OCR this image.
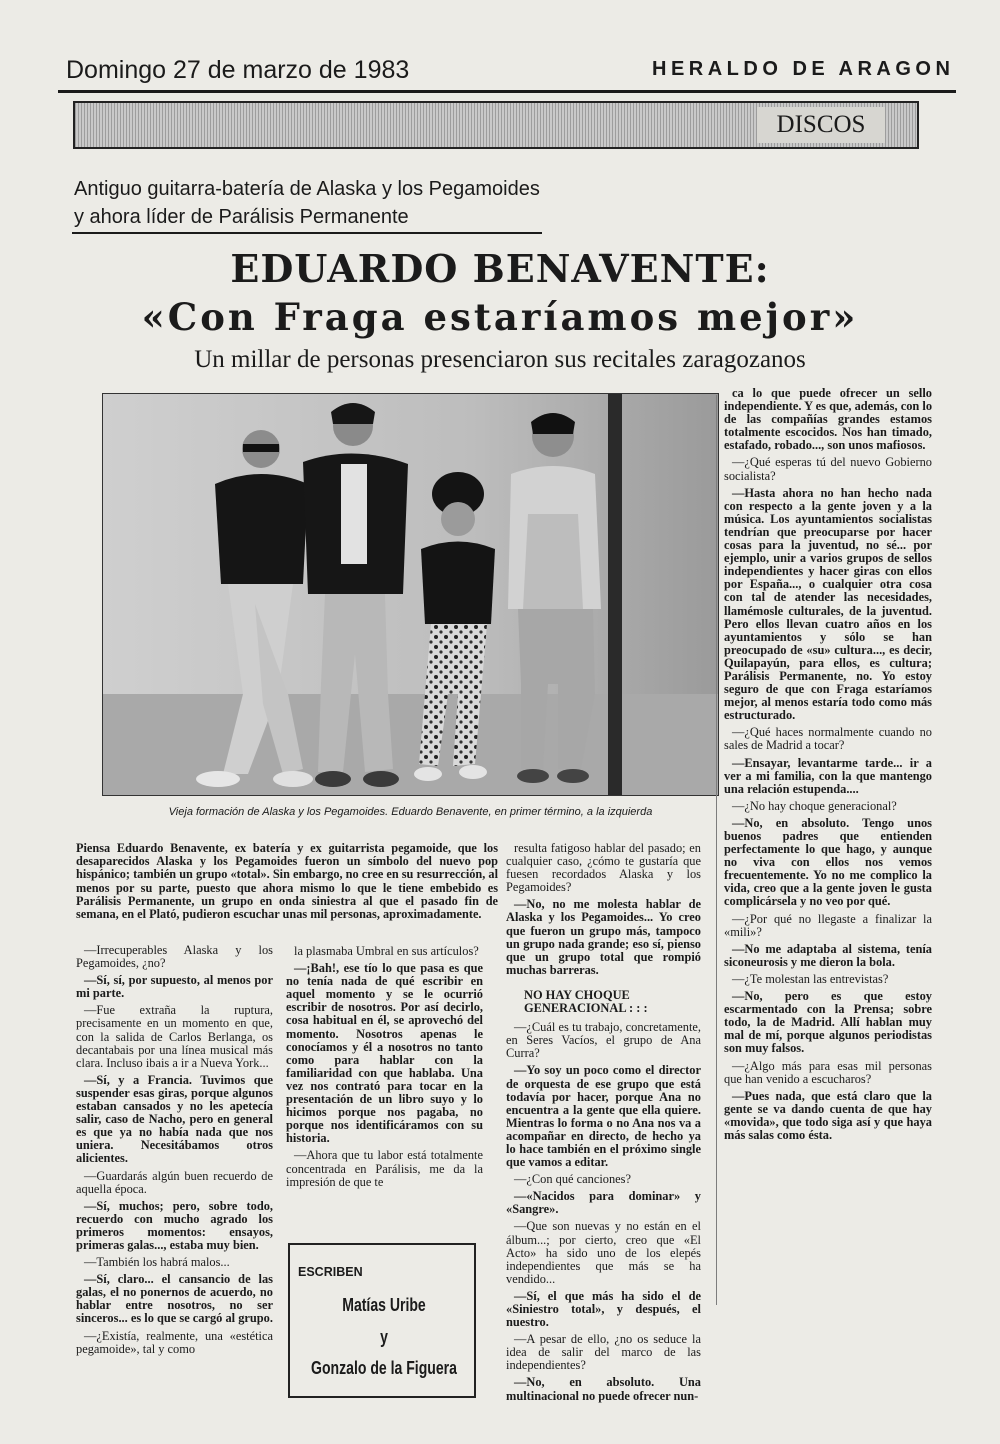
Domingo 27 de marzo de 1983	HERALDO DE ARAGON
DISCOS
Antiguo guitarra-batería de Alaska y los Pegamoides
y ahora líder de Parálisis Permanente
EDUARDO BENAVENTE:
«Con Fraga estaríamos mejor»
Un millar de personas presenciaron sus recitales zaragozanos
Vieja formación de Alaska y los Pegamoides. Eduardo Benavente, en primer término, a la izquierda
Piensa Eduardo Benavente, ex batería y ex guitarrista pegamoide, que los desaparecidos Alaska y los Pegamoides fueron un símbolo del nuevo pop hispánico; también un grupo «total». Sin embargo, no cree en su resurrección, al menos por su parte, puesto que ahora mismo lo que le tiene embebido es Parálisis Permanente, un grupo en onda siniestra al que el pasado fin de semana, en el Plató, pudieron escuchar unas mil personas, aproximadamente.

—Irrecuperables Alaska y los Pegamoides, ¿no?

—Sí, sí, por supuesto, al menos por mi parte.

—Fue extraña la ruptura, precisamente en un momento en que, con la salida de Carlos Berlanga, os decantabais por una línea musical más clara. Incluso ibais a ir a Nueva York...

—Sí, y a Francia. Tuvimos que suspender esas giras, porque algunos estaban cansados y no les apetecía salir, caso de Nacho, pero en general es que ya no había nada que nos uniera. Necesitábamos otros alicientes.

—Guardarás algún buen recuerdo de aquella época.

—Sí, muchos; pero, sobre todo, recuerdo con mucho agrado los primeros momentos: ensayos, primeras galas..., estaba muy bien.

—También los habrá malos...

—Sí, claro... el cansancio de las galas, el no ponernos de acuerdo, no hablar entre nosotros, no ser sinceros... es lo que se cargó al grupo.

—¿Existía, realmente, una «estética pegamoide», tal y como

la plasmaba Umbral en sus artículos?

—¡Bah!, ese tío lo que pasa es que no tenía nada de qué escribir en aquel momento y se le ocurrió escribir de nosotros. Por así decirlo, cosa habitual en él, se aprovechó del momento. Nosotros apenas le conocíamos y él a nosotros no tanto como para hablar con la familiaridad con que hablaba. Una vez nos contrató para tocar en la presentación de un libro suyo y lo hicimos porque nos pagaba, no porque nos identificáramos con su historia.

—Ahora que tu labor está totalmente concentrada en Parálisis, me da la impresión de que te

resulta fatigoso hablar del pasado; en cualquier caso, ¿cómo te gustaría que fuesen recordados Alaska y los Pegamoides?

—No, no me molesta hablar de Alaska y los Pegamoides... Yo creo que fueron un grupo más, tampoco un grupo nada grande; eso sí, pienso que un grupo total que rompió muchas barreras.

NO HAY CHOQUE GENERACIONAL : : :

—¿Cuál es tu trabajo, concretamente, en Seres Vacíos, el grupo de Ana Curra?

—Yo soy un poco como el director de orquesta de ese grupo que está todavía por hacer, porque Ana no encuentra a la gente que ella quiere. Mientras lo forma o no Ana nos va a acompañar en directo, de hecho ya lo hace también en el próximo single que vamos a editar.

—¿Con qué canciones?

—«Nacidos para dominar» y «Sangre».

—Que son nuevas y no están en el álbum...; por cierto, creo que «El Acto» ha sido uno de los elepés independientes que más se ha vendido...

—Sí, el que más ha sido el de «Siniestro total», y después, el nuestro.

—A pesar de ello, ¿no os seduce la idea de salir del marco de las independientes?

—No, en absoluto. Una multinacional no puede ofrecer nun-

ca lo que puede ofrecer un sello independiente. Y es que, además, con lo de las compañías grandes estamos totalmente escocidos. Nos han timado, estafado, robado..., son unos mafiosos.

—¿Qué esperas tú del nuevo Gobierno socialista?

—Hasta ahora no han hecho nada con respecto a la gente joven y a la música. Los ayuntamientos socialistas tendrían que preocuparse por hacer cosas para la juventud, no sé... por ejemplo, unir a varios grupos de sellos independientes y hacer giras con ellos por España..., o cualquier otra cosa con tal de atender las necesidades, llamémosle culturales, de la juventud. Pero ellos llevan cuatro años en los ayuntamientos y sólo se han preocupado de «su» cultura..., es decir, Quilapayún, para ellos, es cultura; Parálisis Permanente, no. Yo estoy seguro de que con Fraga estaríamos mejor, al menos estaría todo como más estructurado.

—¿Qué haces normalmente cuando no sales de Madrid a tocar?

—Ensayar, levantarme tarde... ir a ver a mi familia, con la que mantengo una relación estupenda....

—¿No hay choque generacional?

—No, en absoluto. Tengo unos buenos padres que entienden perfectamente lo que hago, y aunque no viva con ellos nos vemos frecuentemente. Yo no me complico la vida, creo que a la gente joven le gusta complicársela y no veo por qué.

—¿Por qué no llegaste a finalizar la «mili»?

—No me adaptaba al sistema, tenía siconeurosis y me dieron la bola.

—¿Te molestan las entrevistas?

—No, pero es que estoy escarmentado con la Prensa; sobre todo, la de Madrid. Allí hablan muy mal de mí, porque algunos periodistas son muy falsos.

—¿Algo más para esas mil personas que han venido a escucharos?

—Pues nada, que está claro que la gente se va dando cuenta de que hay «movida», que todo siga así y que haya más salas como ésta.

ESCRIBEN
Matías Uribe
y
Gonzalo de la Figuera
